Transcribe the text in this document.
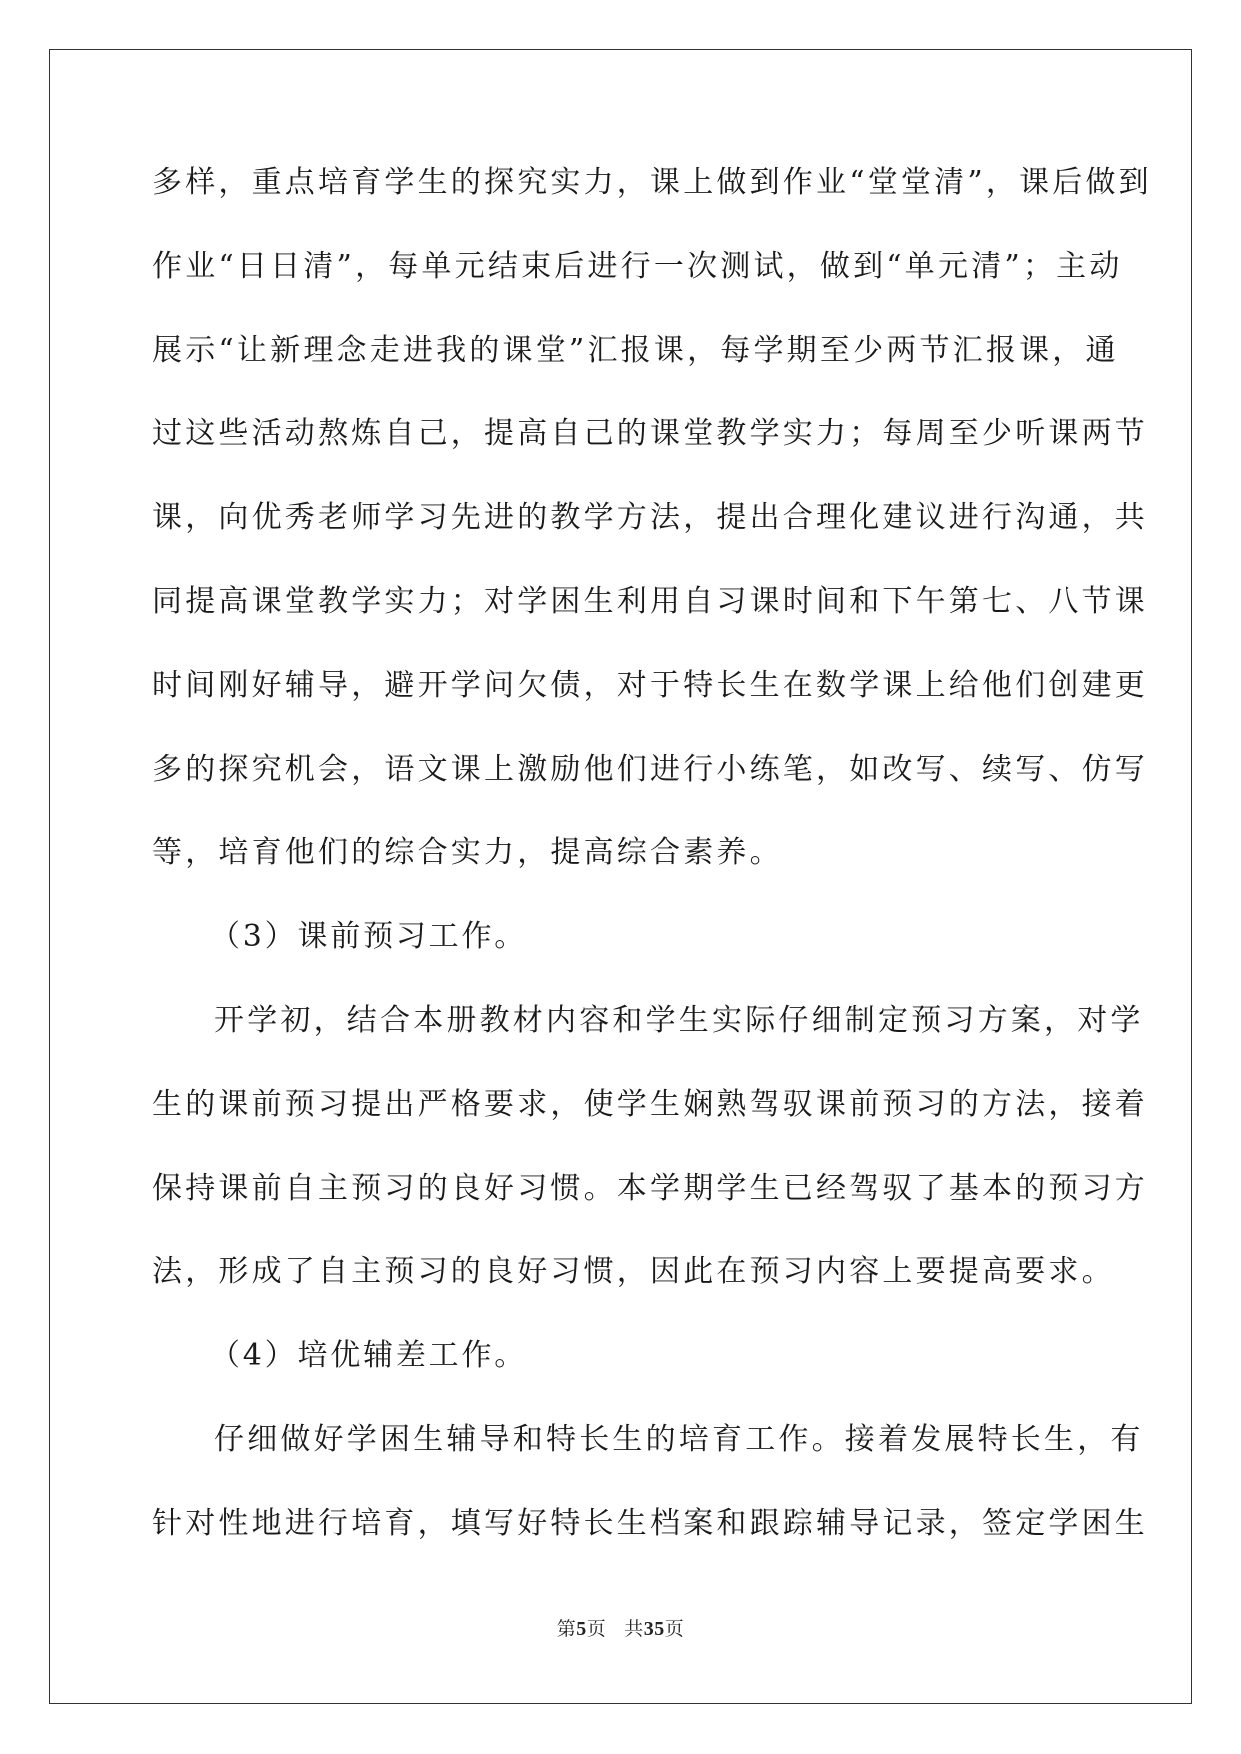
多样，重点培育学生的探究实力，课上做到作业“堂堂清”，课后做到
作业“日日清”，每单元结束后进行一次测试，做到“单元清”；主动
展示“让新理念走进我的课堂”汇报课，每学期至少两节汇报课，通
过这些活动熬炼自己，提高自己的课堂教学实力；每周至少听课两节
课，向优秀老师学习先进的教学方法，提出合理化建议进行沟通，共
同提高课堂教学实力；对学困生利用自习课时间和下午第七、八节课
时间刚好辅导，避开学问欠债，对于特长生在数学课上给他们创建更
多的探究机会，语文课上激励他们进行小练笔，如改写、续写、仿写
等，培育他们的综合实力，提高综合素养。
（3）课前预习工作。
开学初，结合本册教材内容和学生实际仔细制定预习方案，对学
生的课前预习提出严格要求，使学生娴熟驾驭课前预习的方法，接着
保持课前自主预习的良好习惯。本学期学生已经驾驭了基本的预习方
法，形成了自主预习的良好习惯，因此在预习内容上要提高要求。
（4）培优辅差工作。
仔细做好学困生辅导和特长生的培育工作。接着发展特长生，有
针对性地进行培育，填写好特长生档案和跟踪辅导记录，签定学困生
第5页 共35页
